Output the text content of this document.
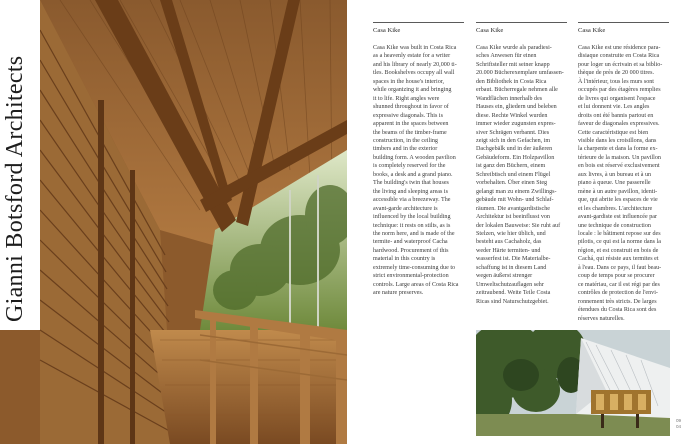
Gianni Botsford Architects
Casa Kike
Casa Kike was built in Costa Rica
as a heavenly estate for a writer
and his library of nearly 20,000 ti-
tles. Bookshelves occupy all wall
spaces in the house's interior,
while organizing it and bringing
it to life. Right angles were
shunned throughout in favor of
expressive diagonals. This is
apparent in the spaces between
the beams of the timber-frame
construction, in the ceiling
timbers and in the exterior
building form. A wooden pavilion
is completely reserved for the
books, a desk and a grand piano.
The building's twin that houses
the living and sleeping areas is
accessible via a breezeway. The
avant-garde architecture is
influenced by the local building
technique: it rests on stilts, as is
the norm here, and is made of the
termite- and waterproof Cacha
hardwood. Procurement of this
material in this country is
extremely time-consuming due to
strict environmental-protection
controls. Large areas of Costa Rica
are nature preserves.
Casa Kike
Casa Kike wurde als paradiesi-
sches Anwesen für einen
Schriftsteller mit seiner knapp
20.000 Bücherexemplare umfassen-
den Bibliothek in Costa Rica
erbaut. Bücherregale nehmen alle
Wandflächen innerhalb des
Hauses ein, gliedern und beleben
diese. Rechte Winkel wurden
immer wieder zugunsten expres-
siver Schrägen verbannt. Dies
zeigt sich in den Gefachen, im
Dachgebälk und in der äußeren
Gebäudeform. Ein Holzpavillon
ist ganz den Büchern, einem
Schreibtisch und einem Flügel
vorbehalten. Über einen Steg
gelangt man zu einem Zwillings-
gebäude mit Wohn- und Schlaf-
räumen. Die avantgardistische
Architektur ist beeinflusst von
der lokalen Bauweise: Sie ruht auf
Stelzen, wie hier üblich, und
besteht aus Cachaholz, das
weder Härte termiten- und
wasserfest ist. Die Materialbe-
schaffung ist in diesem Land
wegen äußerst strenger
Umweltschutzauflagen sehr
zeitraubend. Weite Teile Costa
Ricas sind Naturschutzgebiet.
Casa Kike
Casa Kike est une résidence para-
disiaque construite en Costa Rica
pour loger un écrivain et sa biblio-
thèque de près de 20 000 titres.
À l'intérieur, tous les murs sont
occupés par des étagères remplies
de livres qui organisent l'espace
et lui donnent vie. Les angles
droits ont été bannis partout en
faveur de diagonales expressives.
Cette caractéristique est bien
visible dans les croisillons, dans
la charpente et dans la forme ex-
térieure de la maison. Un pavillon
en bois est réservé exclusivement
aux livres, à un bureau et à un
piano à queue. Une passerelle
mène à un autre pavillon, identi-
que, qui abrite les espaces de vie
et les chambres. L'architecture
avant-gardiste est influencée par
une technique de construction
locale : le bâtiment repose sur des
pilotis, ce qui est la norme dans la
région, et est construit en bois de
Cachá, qui résiste aux termites et
à l'eau. Dans ce pays, il faut beau-
coup de temps pour se procurer
ce matériau, car il est régi par des
contrôles de protection de l'envi-
ronnement très stricts. De larges
étendues du Costa Rica sont des
réserves naturelles.
09
04
